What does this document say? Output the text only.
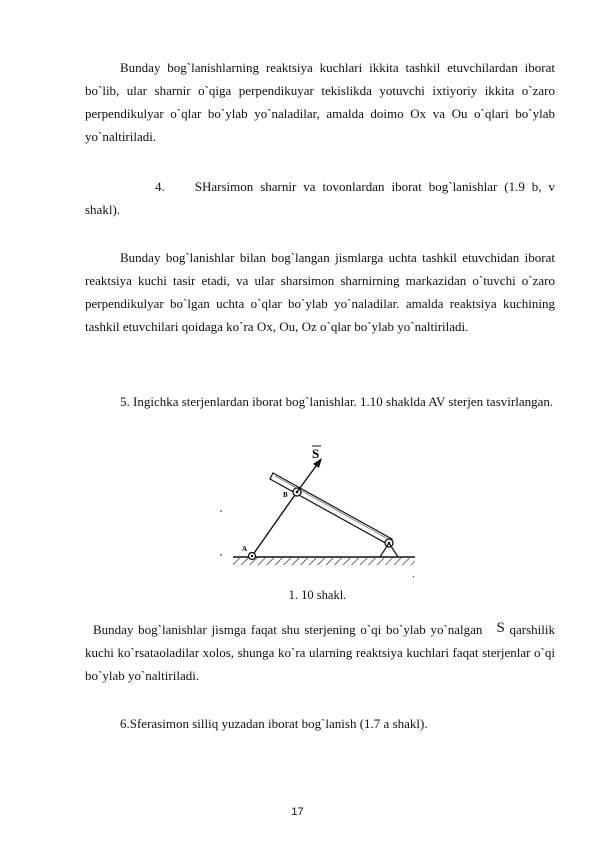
Bunday bog`lanishlarning reaktsiya kuchlari ikkita tashkil etuvchilardan iborat bo`lib, ular sharnir o`qiga perpendikuyar tekislikda yotuvchi ixtiyoriy ikkita o`zaro perpendikulyar o`qlar bo`ylab yo`naladilar, amalda doimo Ox va Ou o`qlari bo`ylab yo`naltiriladi.

4. SHarsimon sharnir va tovonlardan iborat bog`lanishlar (1.9 b, v shakl).

Bunday bog`lanishlar bilan bog`langan jismlarga uchta tashkil etuvchidan iborat reaktsiya kuchi tasir etadi, va ular sharsimon sharnirning markazidan o`tuvchi o`zaro perpendikulyar bo`lgan uchta o`qlar bo`ylab yo`naladilar. amalda reaktsiya kuchining tashkil etuvchilari qoidaga ko`ra Ox, Ou, Oz o`qlar bo`ylab yo`naltiriladi.

5. Ingichka sterjenlardan iborat bog`lanishlar. 1.10 shaklda AV sterjen tasvirlangan.

S
B
A
1. 10 shakl.

Bunday bog`lanishlar jismga faqat shu sterjening o`qi bo`ylab yo`nalgan S qarshilik kuchi ko`rsataoladilar xolos, shunga ko`ra ularning reaktsiya kuchlari faqat sterjenlar o`qi bo`ylab yo`naltiriladi.

6.Sferasimon silliq yuzadan iborat bog`lanish (1.7 a shakl).

17
